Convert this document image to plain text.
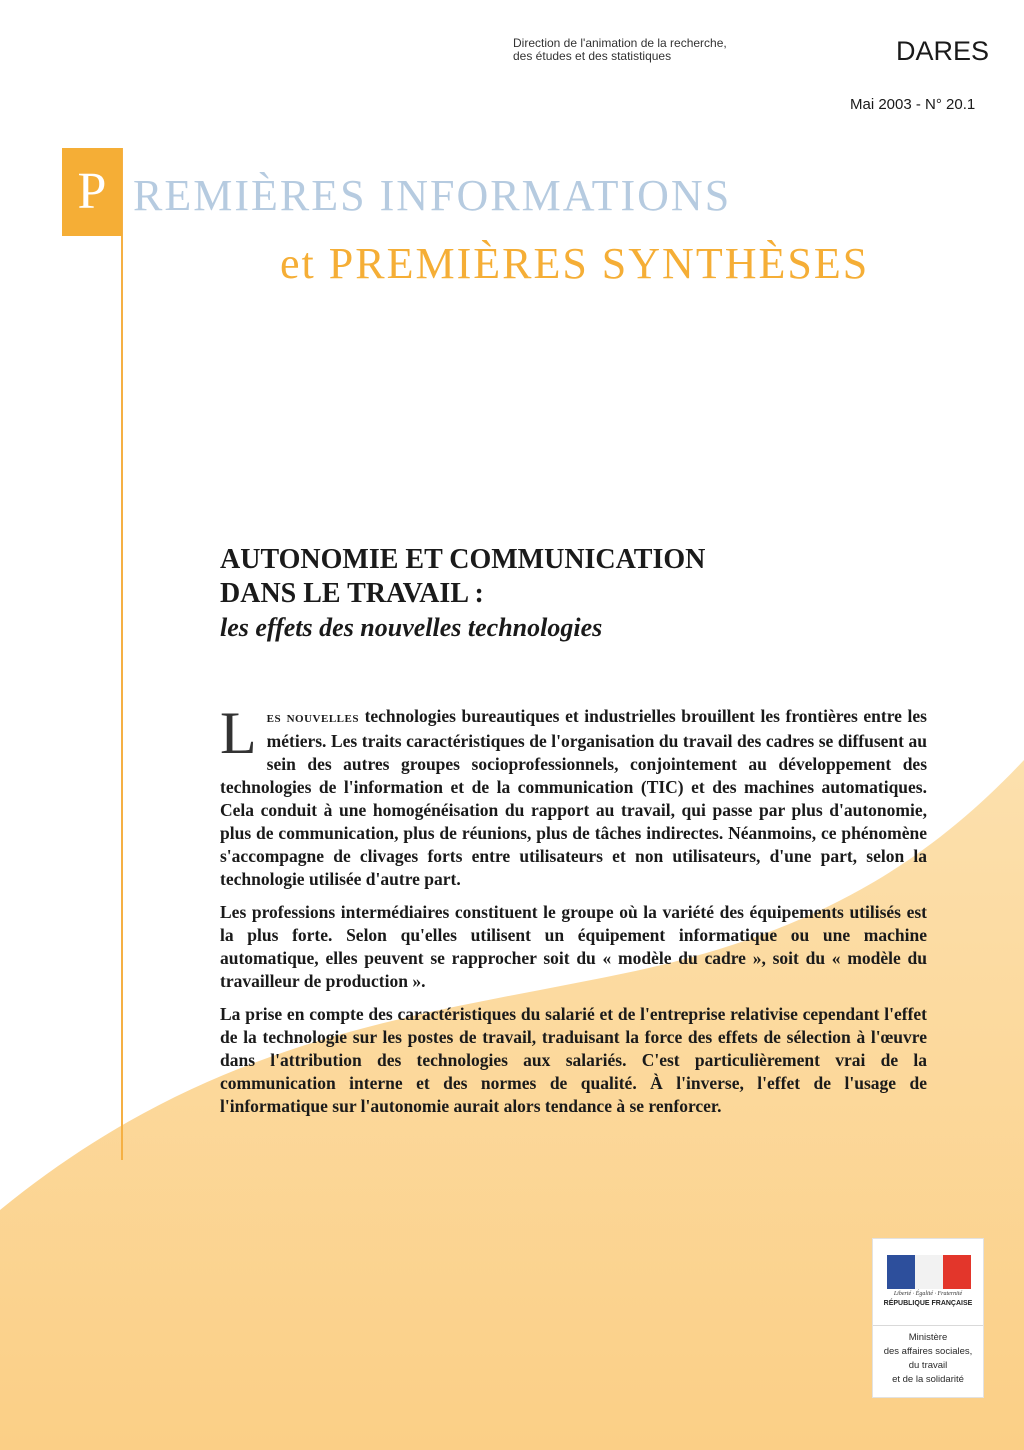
Direction de l'animation de la recherche,
des études et des statistiques	DARES
Mai 2003 - N° 20.1
P REMIÈRES INFORMATIONS
et PREMIÈRES SYNTHÈSES
AUTONOMIE ET COMMUNICATION
DANS LE TRAVAIL :
les effets des nouvelles technologies

Les nouvelles technologies bureautiques et industrielles brouillent les frontières entre les métiers. Les traits caractéristiques de l'organisation du travail des cadres se diffusent au sein des autres groupes socioprofessionnels, conjointement au développement des technologies de l'information et de la communication (TIC) et des machines automatiques. Cela conduit à une homogénéisation du rapport au travail, qui passe par plus d'autonomie, plus de communication, plus de réunions, plus de tâches indirectes. Néanmoins, ce phénomène s'accompagne de clivages forts entre utilisateurs et non utilisateurs, d'une part, selon la technologie utilisée d'autre part.

Les professions intermédiaires constituent le groupe où la variété des équipements utilisés est la plus forte. Selon qu'elles utilisent un équipement informatique ou une machine automatique, elles peuvent se rapprocher soit du « modèle du cadre », soit du « modèle du travailleur de production ».

La prise en compte des caractéristiques du salarié et de l'entreprise relativise cependant l'effet de la technologie sur les postes de travail, traduisant la force des effets de sélection à l'œuvre dans l'attribution des technologies aux salariés. C'est particulièrement vrai de la communication interne et des normes de qualité. À l'inverse, l'effet de l'usage de l'informatique sur l'autonomie aurait alors tendance à se renforcer.

Liberté · Égalité · Fraternité
RÉPUBLIQUE FRANÇAISE
Ministère
des affaires sociales,
du travail
et de la solidarité
